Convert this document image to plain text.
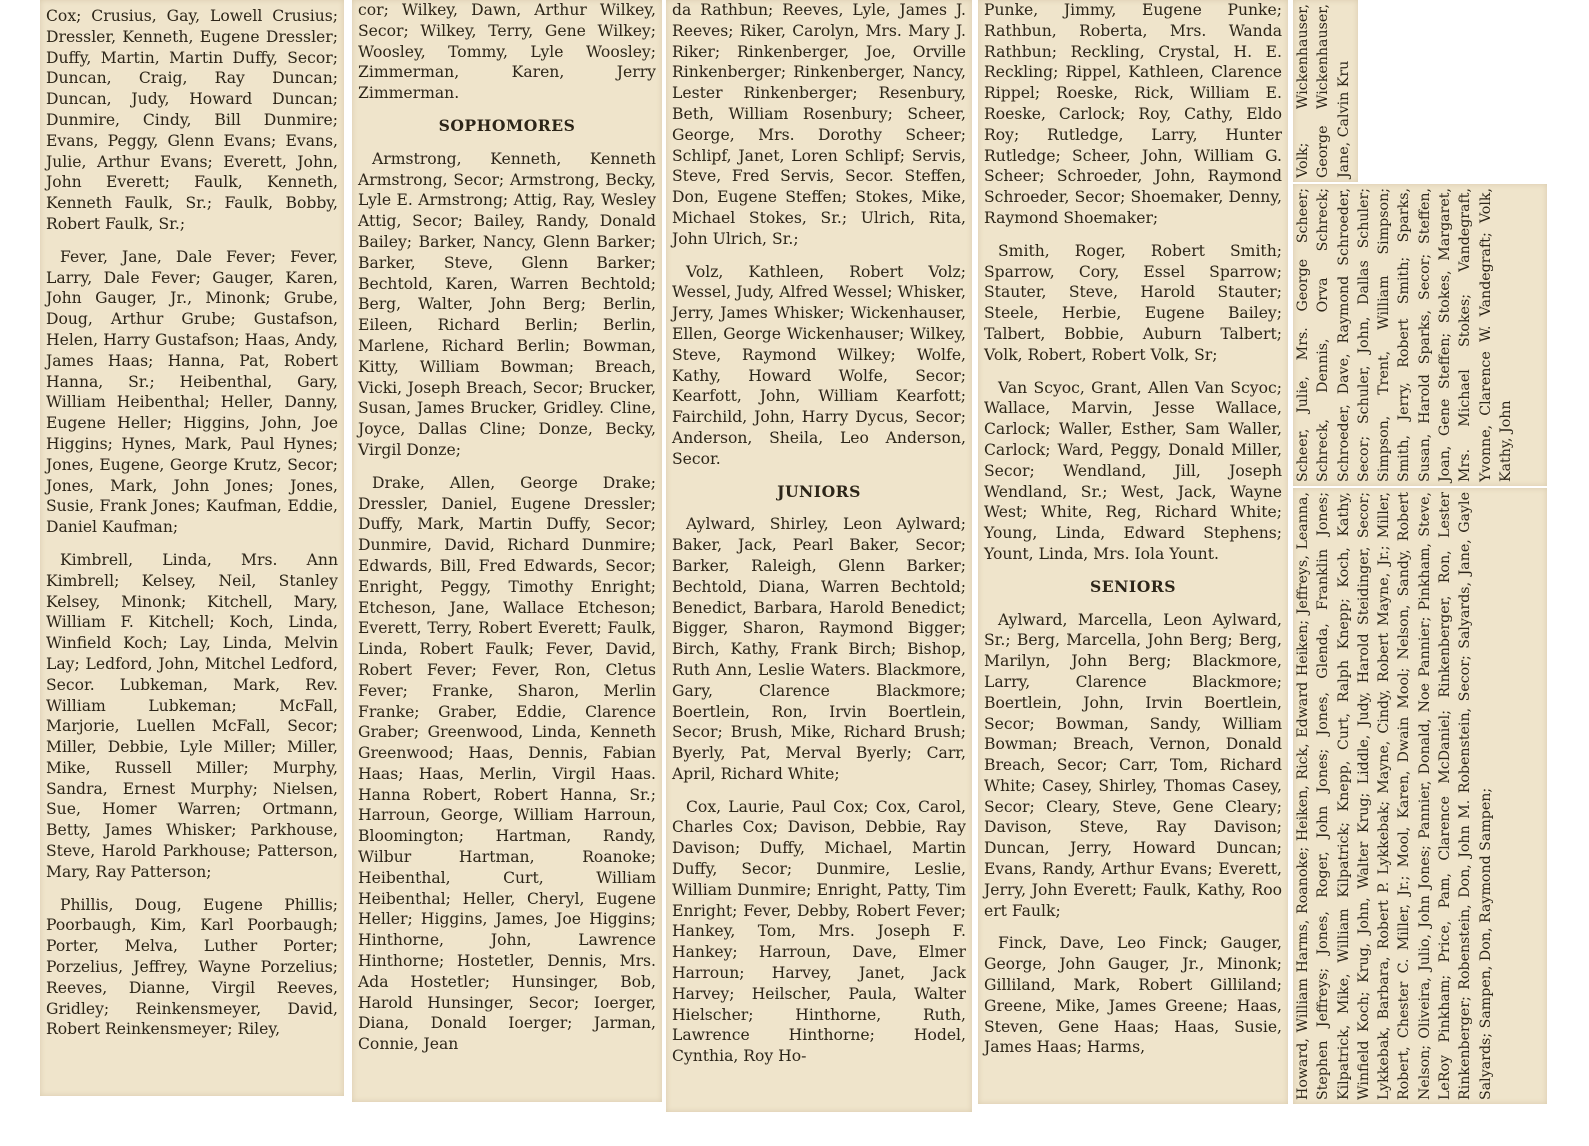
Cox; Crusius, Gay, Lowell Crusius; Dressler, Kenneth, Eugene Dressler; Duffy, Martin, Martin Duffy, Secor; Duncan, Craig, Ray Duncan; Duncan, Judy, Howard Duncan; Dunmire, Cindy, Bill Dunmire; Evans, Peggy, Glenn Evans; Evans, Julie, Arthur Evans; Everett, John, John Everett; Faulk, Kenneth, Kenneth Faulk, Sr.; Faulk, Bobby, Robert Faulk, Sr.;

Fever, Jane, Dale Fever; Fever, Larry, Dale Fever; Gauger, Karen, John Gauger, Jr., Minonk; Grube, Doug, Arthur Grube; Gustafson, Helen, Harry Gustafson; Haas, Andy, James Haas; Hanna, Pat, Robert Hanna, Sr.; Heibenthal, Gary, William Heibenthal; Heller, Danny, Eugene Heller; Higgins, John, Joe Higgins; Hynes, Mark, Paul Hynes; Jones, Eugene, George Krutz, Secor; Jones, Mark, John Jones; Jones, Susie, Frank Jones; Kaufman, Eddie, Daniel Kaufman;

Kimbrell, Linda, Mrs. Ann Kimbrell; Kelsey, Neil, Stanley Kelsey, Minonk; Kitchell, Mary, William F. Kitchell; Koch, Linda, Winfield Koch; Lay, Linda, Melvin Lay; Ledford, John, Mitchel Ledford, Secor. Lubkeman, Mark, Rev. William Lubkeman; McFall, Marjorie, Luellen McFall, Secor; Miller, Debbie, Lyle Miller; Miller, Mike, Russell Miller; Murphy, Sandra, Ernest Murphy; Nielsen, Sue, Homer Warren; Ortmann, Betty, James Whisker; Parkhouse, Steve, Harold Parkhouse; Patterson, Mary, Ray Patterson;

Phillis, Doug, Eugene Phillis; Poorbaugh, Kim, Karl Poorbaugh; Porter, Melva, Luther Porter; Porzelius, Jeffrey, Wayne Porzelius; Reeves, Dianne, Virgil Reeves, Gridley; Reinkensmeyer, David, Robert Reinkensmeyer; Riley,

cor; Wilkey, Dawn, Arthur Wilkey, Secor; Wilkey, Terry, Gene Wilkey; Woosley, Tommy, Lyle Woosley; Zimmerman, Karen, Jerry Zimmerman.

SOPHOMORES

Armstrong, Kenneth, Kenneth Armstrong, Secor; Armstrong, Becky, Lyle E. Armstrong; Attig, Ray, Wesley Attig, Secor; Bailey, Randy, Donald Bailey; Barker, Nancy, Glenn Barker; Barker, Steve, Glenn Barker; Bechtold, Karen, Warren Bechtold; Berg, Walter, John Berg; Berlin, Eileen, Richard Berlin; Berlin, Marlene, Richard Berlin; Bowman, Kitty, William Bowman; Breach, Vicki, Joseph Breach, Secor; Brucker, Susan, James Brucker, Gridley. Cline, Joyce, Dallas Cline; Donze, Becky, Virgil Donze;

Drake, Allen, George Drake; Dressler, Daniel, Eugene Dressler; Duffy, Mark, Martin Duffy, Secor; Dunmire, David, Richard Dunmire; Edwards, Bill, Fred Edwards, Secor; Enright, Peggy, Timothy Enright; Etcheson, Jane, Wallace Etcheson; Everett, Terry, Robert Everett; Faulk, Linda, Robert Faulk; Fever, David, Robert Fever; Fever, Ron, Cletus Fever; Franke, Sharon, Merlin Franke; Graber, Eddie, Clarence Graber; Greenwood, Linda, Kenneth Greenwood; Haas, Dennis, Fabian Haas; Haas, Merlin, Virgil Haas. Hanna Robert, Robert Hanna, Sr.; Harroun, George, William Harroun, Bloomington; Hartman, Randy, Wilbur Hartman, Roanoke; Heibenthal, Curt, William Heibenthal; Heller, Cheryl, Eugene Heller; Higgins, James, Joe Higgins; Hinthorne, John, Lawrence Hinthorne; Hostetler, Dennis, Mrs. Ada Hostetler; Hunsinger, Bob, Harold Hunsinger, Secor; Ioerger, Diana, Donald Ioerger; Jarman, Connie, Jean

da Rathbun; Reeves, Lyle, James J. Reeves; Riker, Carolyn, Mrs. Mary J. Riker; Rinkenberger, Joe, Orville Rinkenberger; Rinkenberger, Nancy, Lester Rinkenberger; Resenbury, Beth, William Rosenbury; Scheer, George, Mrs. Dorothy Scheer; Schlipf, Janet, Loren Schlipf; Servis, Steve, Fred Servis, Secor. Steffen, Don, Eugene Steffen; Stokes, Mike, Michael Stokes, Sr.; Ulrich, Rita, John Ulrich, Sr.;

Volz, Kathleen, Robert Volz; Wessel, Judy, Alfred Wessel; Whisker, Jerry, James Whisker; Wickenhauser, Ellen, George Wickenhauser; Wilkey, Steve, Raymond Wilkey; Wolfe, Kathy, Howard Wolfe, Secor; Kearfott, John, William Kearfott; Fairchild, John, Harry Dycus, Secor; Anderson, Sheila, Leo Anderson, Secor.

JUNIORS

Aylward, Shirley, Leon Aylward; Baker, Jack, Pearl Baker, Secor; Barker, Raleigh, Glenn Barker; Bechtold, Diana, Warren Bechtold; Benedict, Barbara, Harold Benedict; Bigger, Sharon, Raymond Bigger; Birch, Kathy, Frank Birch; Bishop, Ruth Ann, Leslie Waters. Blackmore, Gary, Clarence Blackmore; Boertlein, Ron, Irvin Boertlein, Secor; Brush, Mike, Richard Brush; Byerly, Pat, Merval Byerly; Carr, April, Richard White;

Cox, Laurie, Paul Cox; Cox, Carol, Charles Cox; Davison, Debbie, Ray Davison; Duffy, Michael, Martin Duffy, Secor; Dunmire, Leslie, William Dunmire; Enright, Patty, Tim Enright; Fever, Debby, Robert Fever; Hankey, Tom, Mrs. Joseph F. Hankey; Harroun, Dave, Elmer Harroun; Harvey, Janet, Jack Harvey; Heilscher, Paula, Walter Hielscher; Hinthorne, Ruth, Lawrence Hinthorne; Hodel, Cynthia, Roy Ho-

Punke, Jimmy, Eugene Punke; Rathbun, Roberta, Mrs. Wanda Rathbun; Reckling, Crystal, H. E. Reckling; Rippel, Kathleen, Clarence Rippel; Roeske, Rick, William E. Roeske, Carlock; Roy, Cathy, Eldo Roy; Rutledge, Larry, Hunter Rutledge; Scheer, John, William G. Scheer; Schroeder, John, Raymond Schroeder, Secor; Shoemaker, Denny, Raymond Shoemaker;

Smith, Roger, Robert Smith; Sparrow, Cory, Essel Sparrow; Stauter, Steve, Harold Stauter; Steele, Herbie, Eugene Bailey; Talbert, Bobbie, Auburn Talbert; Volk, Robert, Robert Volk, Sr;

Van Scyoc, Grant, Allen Van Scyoc; Wallace, Marvin, Jesse Wallace, Carlock; Waller, Esther, Sam Waller, Carlock; Ward, Peggy, Donald Miller, Secor; Wendland, Jill, Joseph Wendland, Sr.; West, Jack, Wayne West; White, Reg, Richard White; Young, Linda, Edward Stephens; Yount, Linda, Mrs. Iola Yount.

SENIORS

Aylward, Marcella, Leon Aylward, Sr.; Berg, Marcella, John Berg; Berg, Marilyn, John Berg; Blackmore, Larry, Clarence Blackmore; Boertlein, John, Irvin Boertlein, Secor; Bowman, Sandy, William Bowman; Breach, Vernon, Donald Breach, Secor; Carr, Tom, Richard White; Casey, Shirley, Thomas Casey, Secor; Cleary, Steve, Gene Cleary; Davison, Steve, Ray Davison; Duncan, Jerry, Howard Duncan; Evans, Randy, Arthur Evans; Everett, Jerry, John Everett; Faulk, Kathy, Roo ert Faulk;

Finck, Dave, Leo Finck; Gauger, George, John Gauger, Jr., Minonk; Gilliland, Mark, Robert Gilliland; Greene, Mike, James Greene; Haas, Steven, Gene Haas; Haas, Susie, James Haas; Harms,

Volk; Wickenhauser, George Wickenhauser, Jane, Calvin Kru

Scheer, Julie, Mrs. George Scheer; Schreck, Dennis, Orva Schreck; Schroeder, Dave, Raymond Schroeder, Secor; Schuler, John, Dallas Schuler; Simpson, Trent, William Simpson; Smith, Jerry, Robert Smith; Sparks, Susan, Harold Sparks, Secor; Steffen, Joan, Gene Steffen; Stokes, Margaret, Mrs. Michael Stokes; Vandegraft, Yvonne, Clarence W. Vandegraft; Volk, Kathy, John

Howard, William Harms, Roanoke; Heiken, Rick, Edward Heiken; Jeffreys, Leanna, Stephen Jeffreys; Jones, Roger, John Jones; Jones, Glenda, Franklin Jones; Kilpatrick, Mike, William Kilpatrick; Knepp, Curt, Ralph Knepp; Koch, Kathy, Winfield Koch; Krug, John, Walter Krug; Liddle, Judy, Harold Steidinger, Secor; Lykkebak, Barbara, Robert P. Lykkebak; Mayne, Cindy, Robert Mayne, Jr.; Miller, Robert, Chester C. Miller, Jr.; Mool, Karen, Dwain Mool; Nelson, Sandy, Robert Nelson; Oliveira, Julio, John Jones; Pannier, Donald, Noe Pannier; Pinkham, Steve, LeRoy Pinkham; Price, Pam, Clarence McDaniel; Rinkenberger, Ron, Lester Rinkenberger; Robenstein, Don, John M. Robenstein, Secor; Salyards, Jane, Gayle Salyards; Sampen, Don, Raymond Sampen;
